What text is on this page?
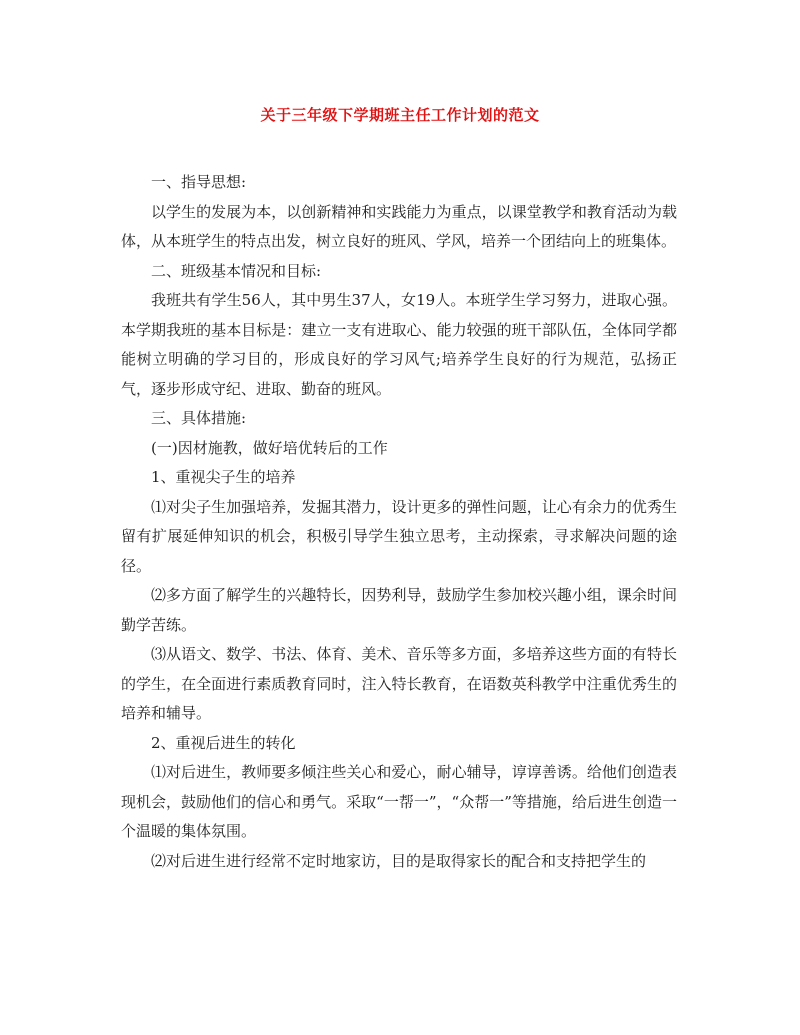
关于三年级下学期班主任工作计划的范文

一、指导思想:

以学生的发展为本，以创新精神和实践能力为重点，以课堂教学和教育活动为载体，从本班学生的特点出发，树立良好的班风、学风，培养一个团结向上的班集体。

二、班级基本情况和目标:

我班共有学生56人，其中男生37人，女19人。本班学生学习努力，进取心强。本学期我班的基本目标是：建立一支有进取心、能力较强的班干部队伍，全体同学都能树立明确的学习目的，形成良好的学习风气;培养学生良好的行为规范，弘扬正气，逐步形成守纪、进取、勤奋的班风。

三、具体措施:

(一)因材施教，做好培优转后的工作

1、重视尖子生的培养

⑴对尖子生加强培养，发掘其潜力，设计更多的弹性问题，让心有余力的优秀生留有扩展延伸知识的机会，积极引导学生独立思考，主动探索，寻求解决问题的途径。

⑵多方面了解学生的兴趣特长，因势利导，鼓励学生参加校兴趣小组，课余时间勤学苦练。

⑶从语文、数学、书法、体育、美术、音乐等多方面，多培养这些方面的有特长的学生，在全面进行素质教育同时，注入特长教育，在语数英科教学中注重优秀生的培养和辅导。

2、重视后进生的转化

⑴对后进生，教师要多倾注些关心和爱心，耐心辅导，谆谆善诱。给他们创造表现机会，鼓励他们的信心和勇气。采取“一帮一”，“众帮一”等措施，给后进生创造一个温暖的集体氛围。

⑵对后进生进行经常不定时地家访，目的是取得家长的配合和支持把学生的
